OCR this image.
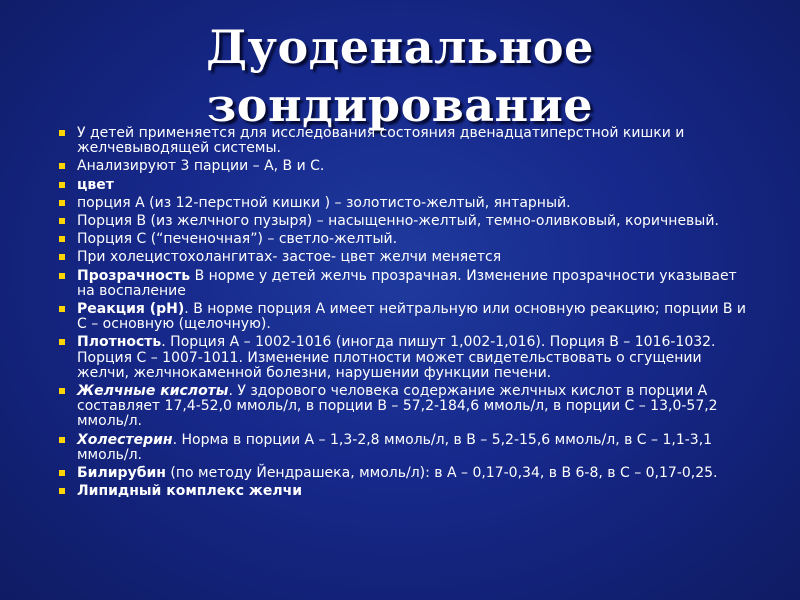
Дуоденальное
зондирование
У детей применяется для исследования состояния двенадцатиперстной кишки и желчевыводящей системы.
Анализируют 3 парции – А, В и С.
цвет
порция А (из 12-перстной кишки ) – золотисто-желтый, янтарный.
Порция В (из желчного пузыря) – насыщенно-желтый, темно-оливковый, коричневый.
Порция С (“печеночная”) – светло-желтый.
При холецистохолангитах- застое- цвет желчи меняется
Прозрачность В норме у детей желчь прозрачная. Изменение прозрачности указывает на воспаление
Реакция (рН). В норме порция А имеет нейтральную или основную реакцию; порции В и С – основную (щелочную).
Плотность. Порция А – 1002-1016 (иногда пишут 1,002-1,016). Порция В – 1016-1032. Порция С – 1007-1011. Изменение плотности может свидетельствовать о сгущении желчи, желчнокаменной болезни, нарушении функции печени.
Желчные кислоты. У здорового человека содержание желчных кислот в порции А составляет 17,4-52,0 ммоль/л, в порции В – 57,2-184,6 ммоль/л, в порции С – 13,0-57,2 ммоль/л.
Холестерин. Норма в порции А – 1,3-2,8 ммоль/л, в В – 5,2-15,6 ммоль/л, в С – 1,1-3,1 ммоль/л.
Билирубин (по методу Йендрашека, ммоль/л): в А – 0,17-0,34, в В 6-8, в С – 0,17-0,25.
Липидный комплекс желчи
